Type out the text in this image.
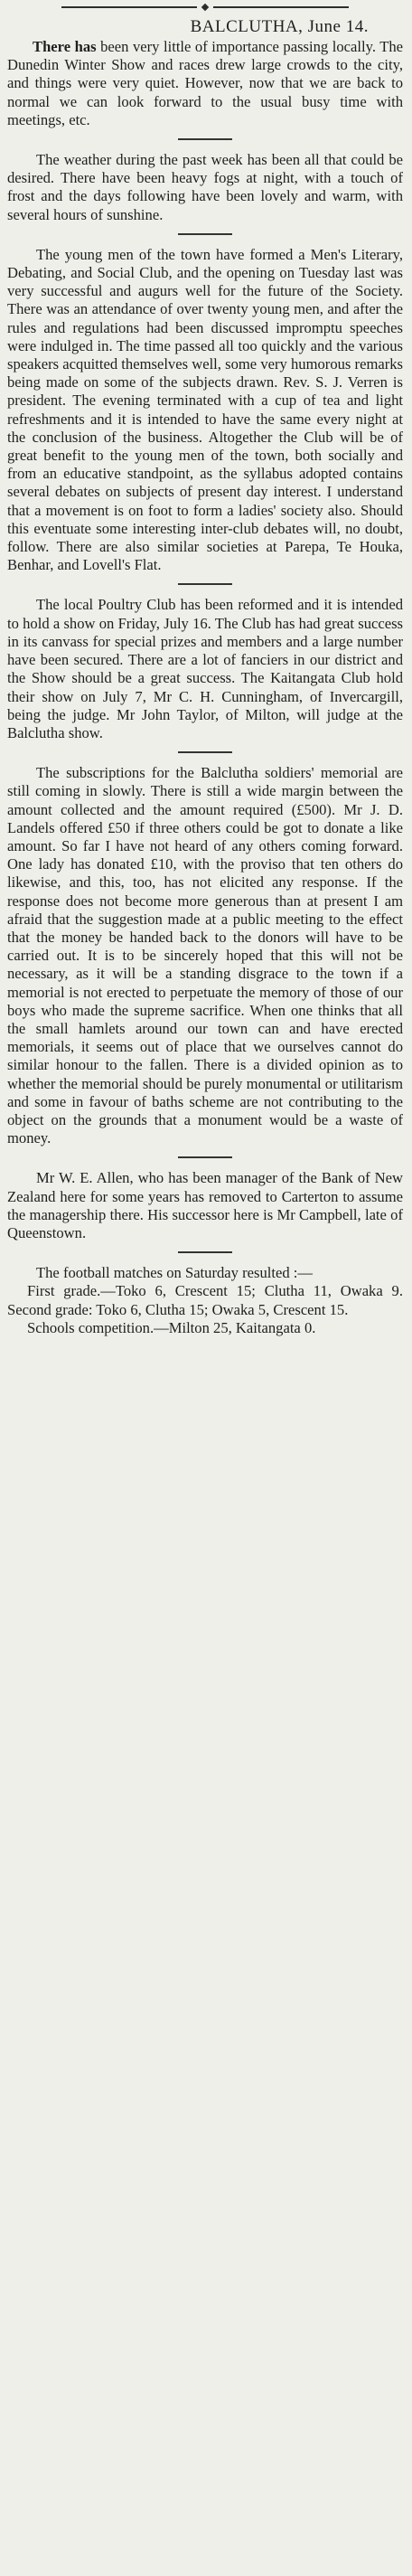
BALCLUTHA, June 14.

There has been very little of importance passing locally. The Dunedin Winter Show and races drew large crowds to the city, and things were very quiet. However, now that we are back to normal we can look forward to the usual busy time with meetings, etc.

The weather during the past week has been all that could be desired. There have been heavy fogs at night, with a touch of frost and the days following have been lovely and warm, with several hours of sunshine.

The young men of the town have formed a Men's Literary, Debating, and Social Club, and the opening on Tuesday last was very successful and augurs well for the future of the Society. There was an attendance of over twenty young men, and after the rules and regulations had been discussed impromptu speeches were indulged in. The time passed all too quickly and the various speakers acquitted themselves well, some very humorous remarks being made on some of the subjects drawn. Rev. S. J. Verren is president. The evening terminated with a cup of tea and light refreshments and it is intended to have the same every night at the conclusion of the business. Altogether the Club will be of great benefit to the young men of the town, both socially and from an educative standpoint, as the syllabus adopted contains several debates on subjects of present day interest. I understand that a movement is on foot to form a ladies' society also. Should this eventuate some interesting inter-club debates will, no doubt, follow. There are also similar societies at Parepa, Te Houka, Benhar, and Lovell's Flat.

The local Poultry Club has been reformed and it is intended to hold a show on Friday, July 16. The Club has had great success in its canvass for special prizes and members and a large number have been secured. There are a lot of fanciers in our district and the Show should be a great success. The Kaitangata Club hold their show on July 7, Mr C. H. Cunningham, of Invercargill, being the judge. Mr John Taylor, of Milton, will judge at the Balclutha show.

The subscriptions for the Balclutha soldiers' memorial are still coming in slowly. There is still a wide margin between the amount collected and the amount required (£500). Mr J. D. Landels offered £50 if three others could be got to donate a like amount. So far I have not heard of any others coming forward. One lady has donated £10, with the proviso that ten others do likewise, and this, too, has not elicited any response. If the response does not become more generous than at present I am afraid that the suggestion made at a public meeting to the effect that the money be handed back to the donors will have to be carried out. It is to be sincerely hoped that this will not be necessary, as it will be a standing disgrace to the town if a memorial is not erected to perpetuate the memory of those of our boys who made the supreme sacrifice. When one thinks that all the small hamlets around our town can and have erected memorials, it seems out of place that we ourselves cannot do similar honour to the fallen. There is a divided opinion as to whether the memorial should be purely monumental or utilitarism and some in favour of baths scheme are not contributing to the object on the grounds that a monument would be a waste of money.

Mr W. E. Allen, who has been manager of the Bank of New Zealand here for some years has removed to Carterton to assume the managership there. His successor here is Mr Campbell, late of Queenstown.

The football matches on Saturday resulted :—

First grade.—Toko 6, Crescent 15; Clutha 11, Owaka 9. Second grade: Toko 6, Clutha 15; Owaka 5, Crescent 15.

Schools competition.—Milton 25, Kaitangata 0.
